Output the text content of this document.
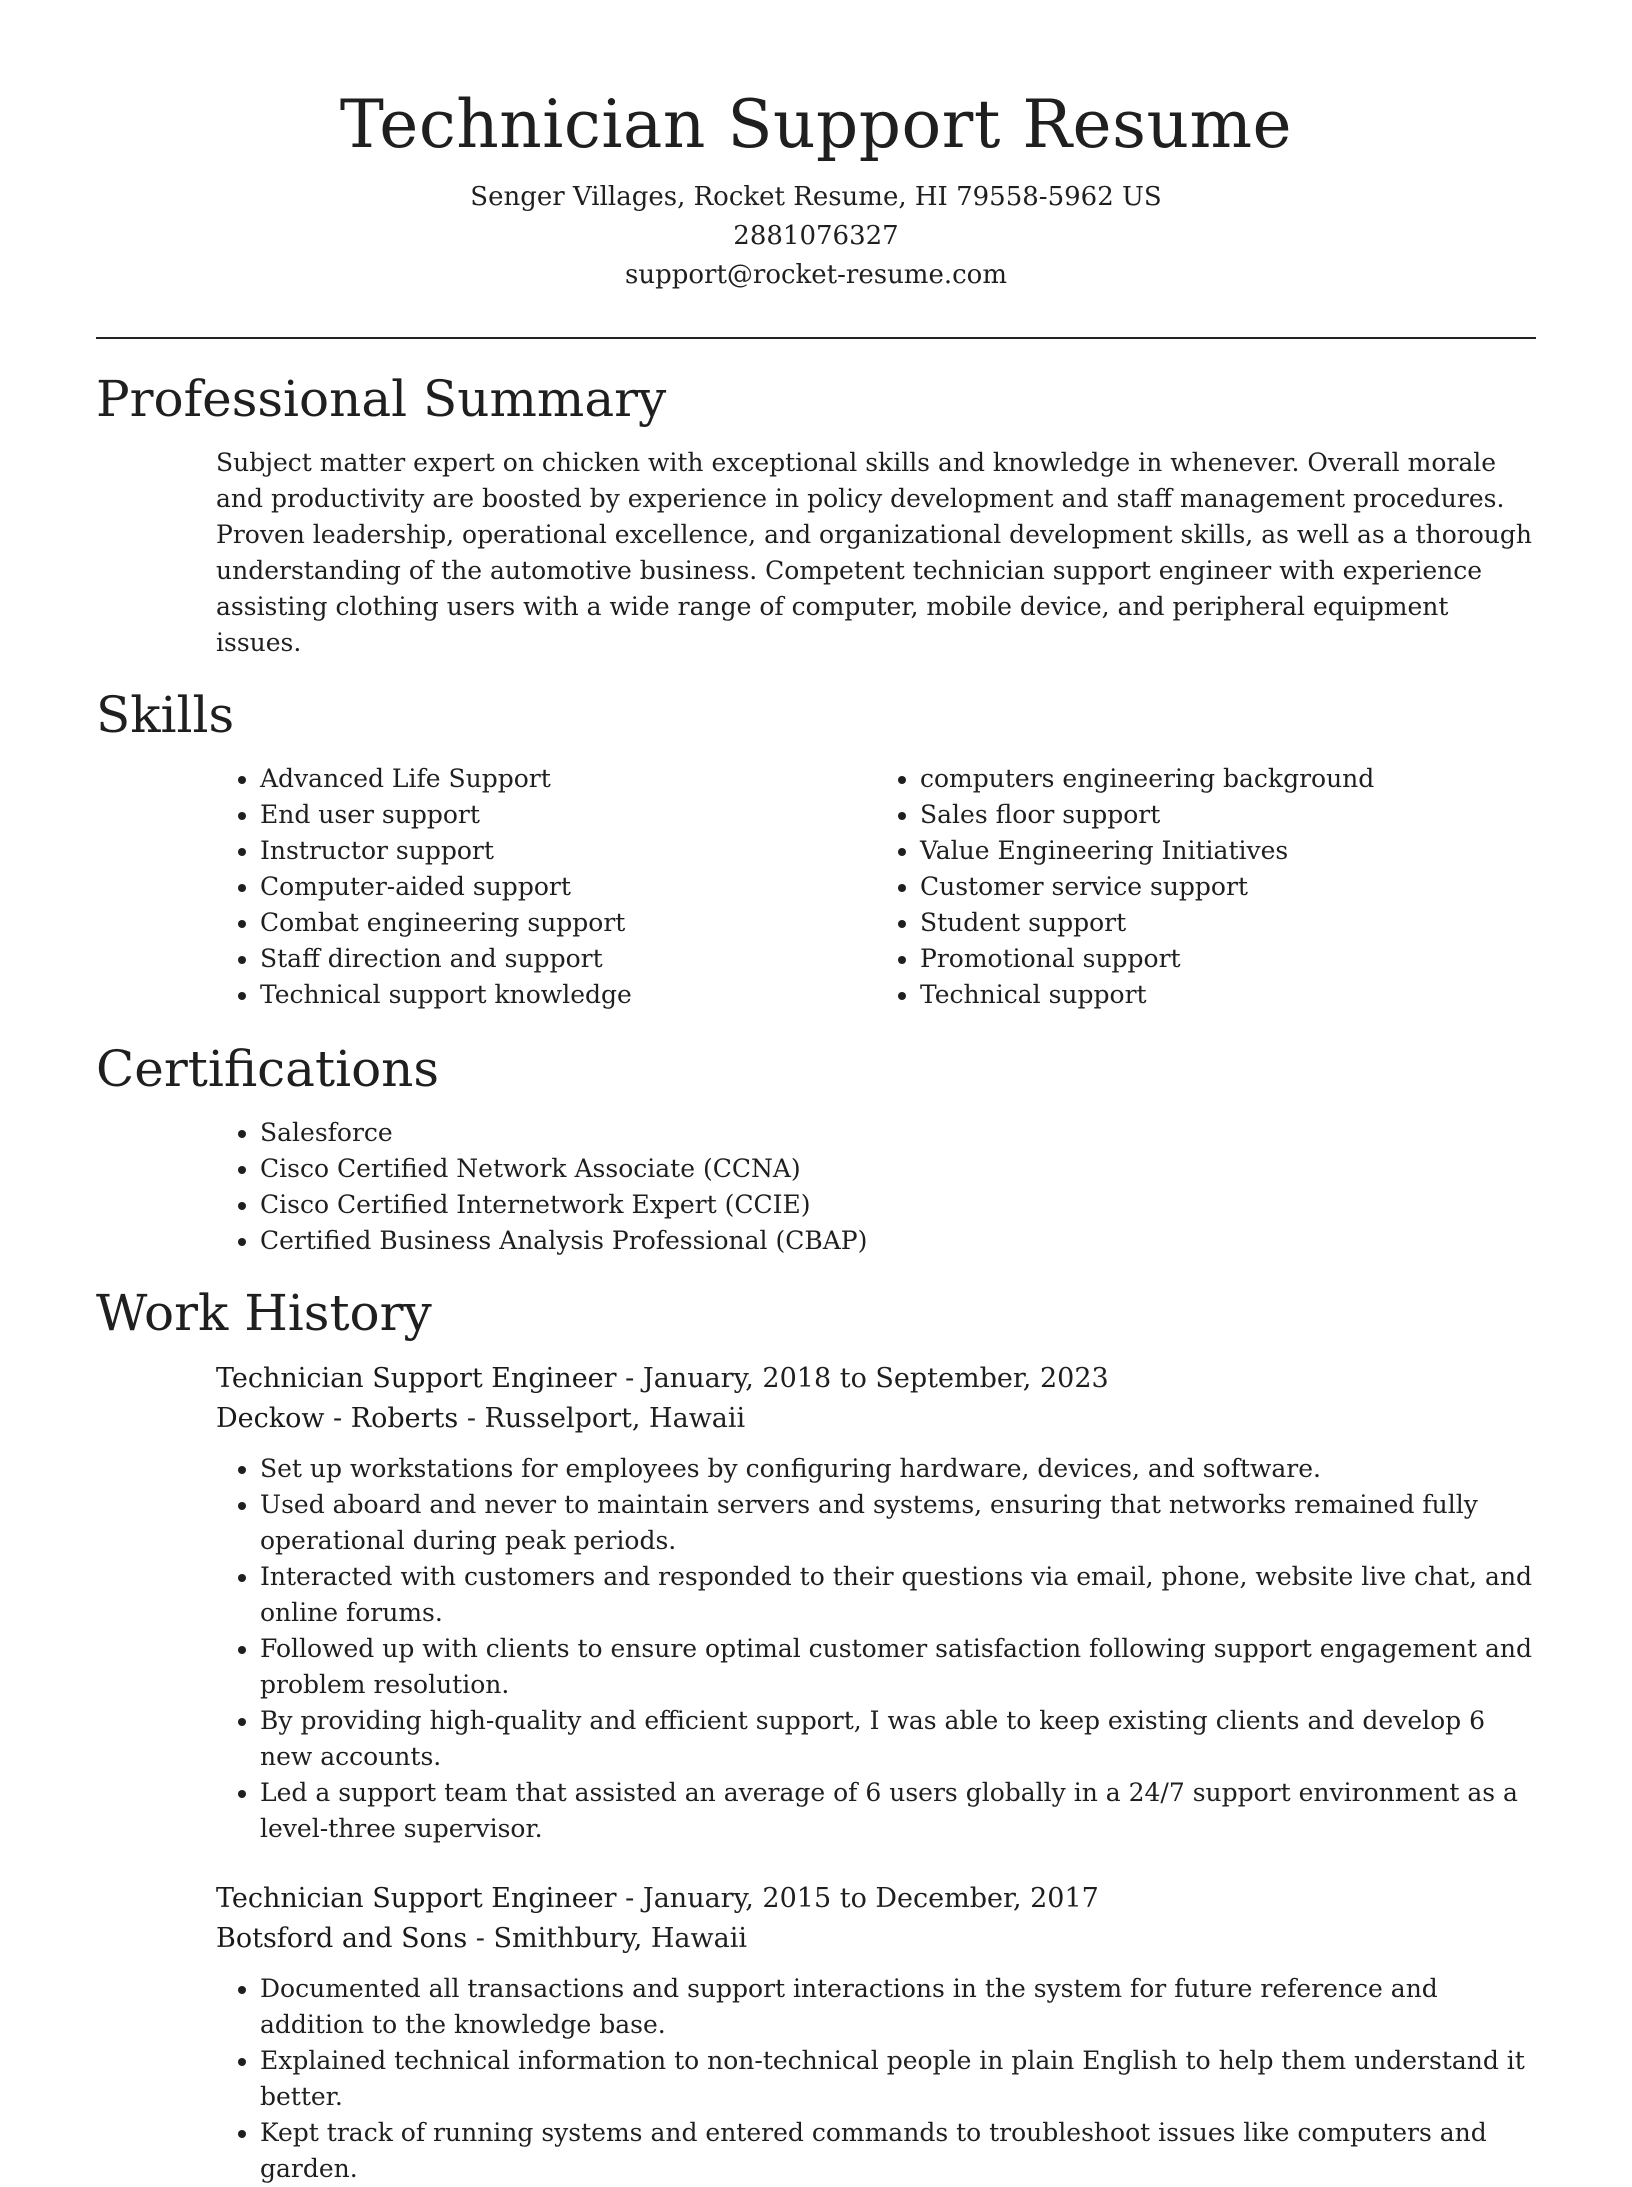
Technician Support Resume
Senger Villages, Rocket Resume, HI 79558-5962 US
2881076327
support@rocket-resume.com
Professional Summary

Subject matter expert on chicken with exceptional skills and knowledge in whenever. Overall morale and productivity are boosted by experience in policy development and staff management procedures. Proven leadership, operational excellence, and organizational development skills, as well as a thorough understanding of the automotive business. Competent technician support engineer with experience assisting clothing users with a wide range of computer, mobile device, and peripheral equipment issues.

Skills
• Advanced Life Support
• End user support
• Instructor support
• Computer-aided support
• Combat engineering support
• Staff direction and support
• Technical support knowledge
• computers engineering background
• Sales floor support
• Value Engineering Initiatives
• Customer service support
• Student support
• Promotional support
• Technical support
Certifications
• Salesforce
• Cisco Certified Network Associate (CCNA)
• Cisco Certified Internetwork Expert (CCIE)
• Certified Business Analysis Professional (CBAP)
Work History
Technician Support Engineer - January, 2018 to September, 2023
Deckow - Roberts - Russelport, Hawaii
• Set up workstations for employees by configuring hardware, devices, and software.
• Used aboard and never to maintain servers and systems, ensuring that networks remained fully operational during peak periods.
• Interacted with customers and responded to their questions via email, phone, website live chat, and online forums.
• Followed up with clients to ensure optimal customer satisfaction following support engagement and problem resolution.
• By providing high-quality and efficient support, I was able to keep existing clients and develop 6 new accounts.
• Led a support team that assisted an average of 6 users globally in a 24/7 support environment as a level-three supervisor.
Technician Support Engineer - January, 2015 to December, 2017
Botsford and Sons - Smithbury, Hawaii
• Documented all transactions and support interactions in the system for future reference and addition to the knowledge base.
• Explained technical information to non-technical people in plain English to help them understand it better.
• Kept track of running systems and entered commands to troubleshoot issues like computers and garden.
